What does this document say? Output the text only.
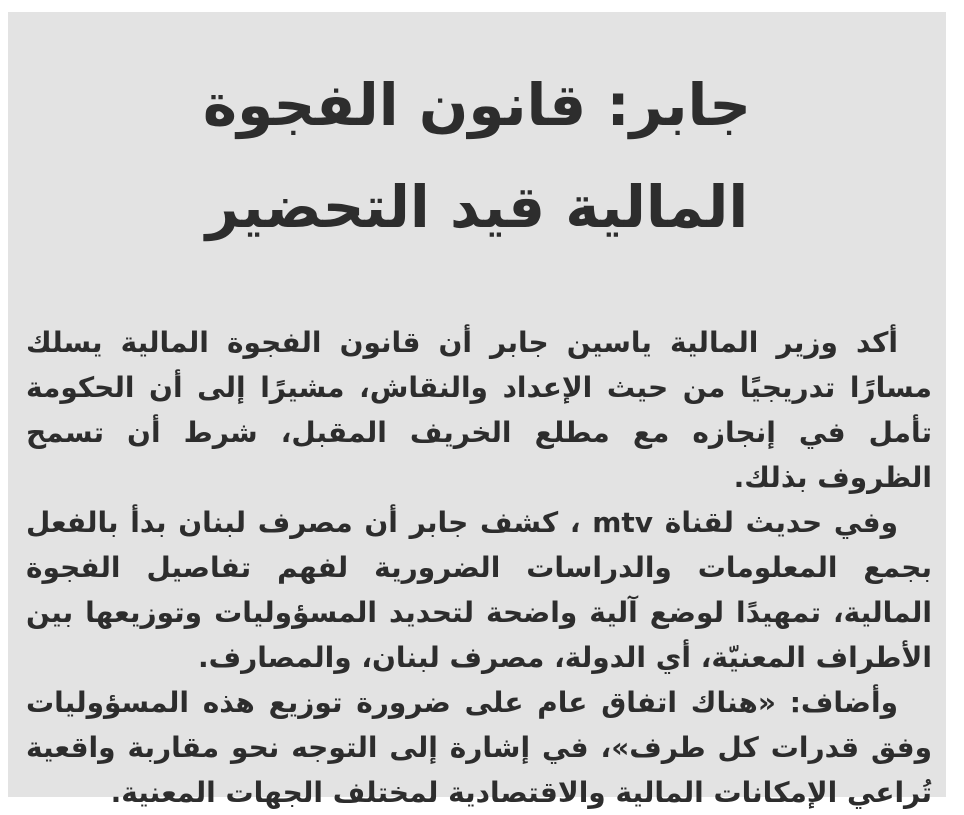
جابر: قانون الفجوة
المالية قيد التحضير

أكد وزير المالية ياسين جابر أن قانون الفجوة المالية يسلك مسارًا تدريجيًا من حيث الإعداد والنقاش، مشيرًا إلى أن الحكومة تأمل في إنجازه مع مطلع الخريف المقبل، شرط أن تسمح الظروف بذلك.

وفي حديث لقناة mtv ، كشف جابر أن مصرف لبنان بدأ بالفعل بجمع المعلومات والدراسات الضرورية لفهم تفاصيل الفجوة المالية، تمهيدًا لوضع آلية واضحة لتحديد المسؤوليات وتوزيعها بين الأطراف المعنيّة، أي الدولة، مصرف لبنان، والمصارف.

وأضاف: «هناك اتفاق عام على ضرورة توزيع هذه المسؤوليات وفق قدرات كل طرف»، في إشارة إلى التوجه نحو مقاربة واقعية تُراعي الإمكانات المالية والاقتصادية لمختلف الجهات المعنية.
